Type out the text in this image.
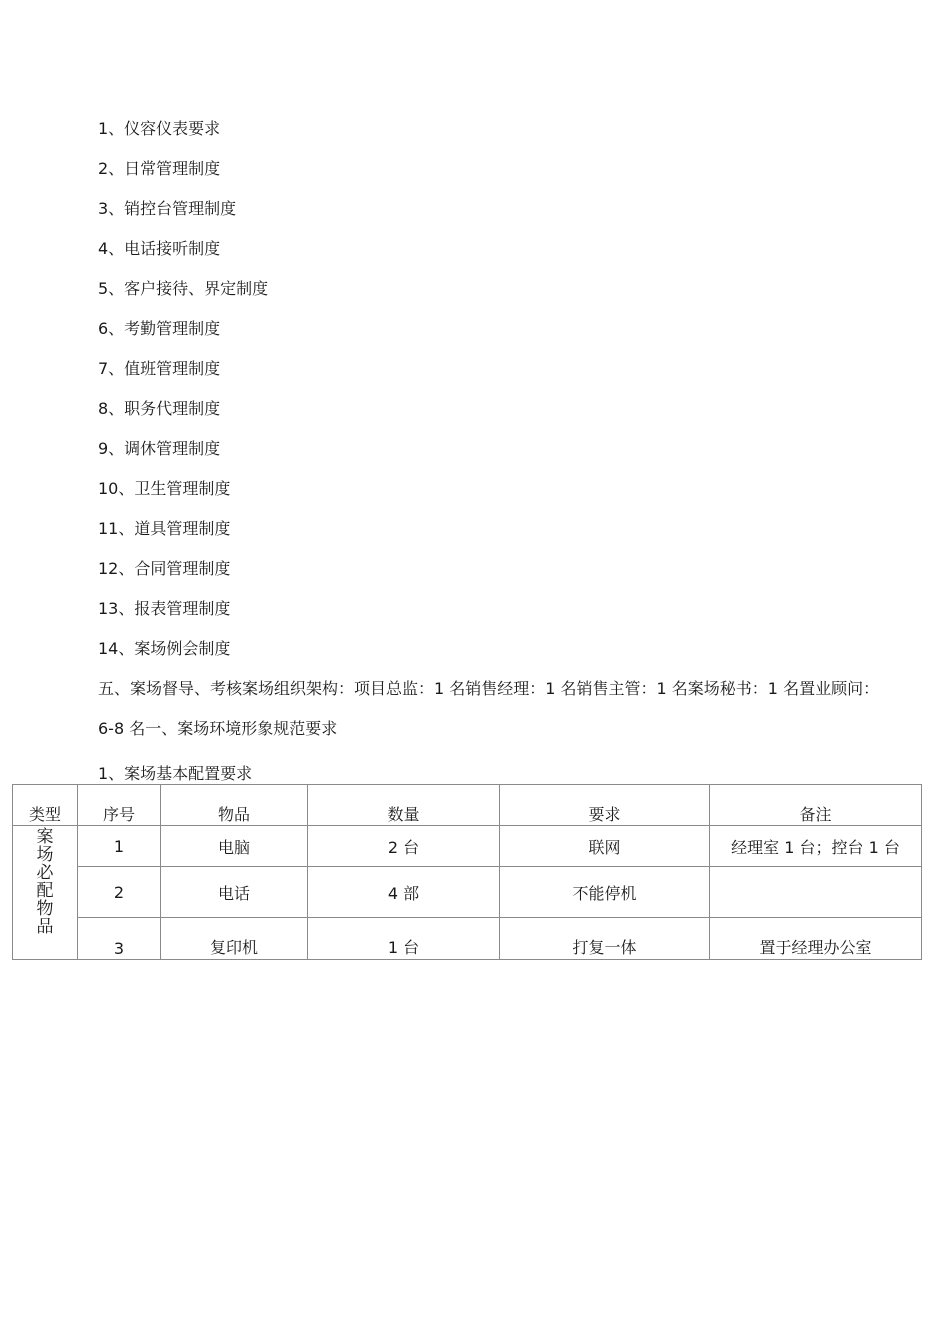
1、仪容仪表要求
2、日常管理制度
3、销控台管理制度
4、电话接听制度
5、客户接待、界定制度
6、考勤管理制度
7、值班管理制度
8、职务代理制度
9、调休管理制度
10、卫生管理制度
11、道具管理制度
12、合同管理制度
13、报表管理制度
14、案场例会制度
五、案场督导、考核案场组织架构：项目总监：1 名销售经理：1 名销售主管：1 名案场秘书：1 名置业顾问：
6-8 名一、案场环境形象规范要求
1、案场基本配置要求
类型	序号	物品	数量	要求	备注
案场必配物品	1	电脑	2 台	联网	经理室 1 台；控台 1 台
	2	电话	4 部	不能停机	
	3	复印机	1 台	打复一体	置于经理办公室
